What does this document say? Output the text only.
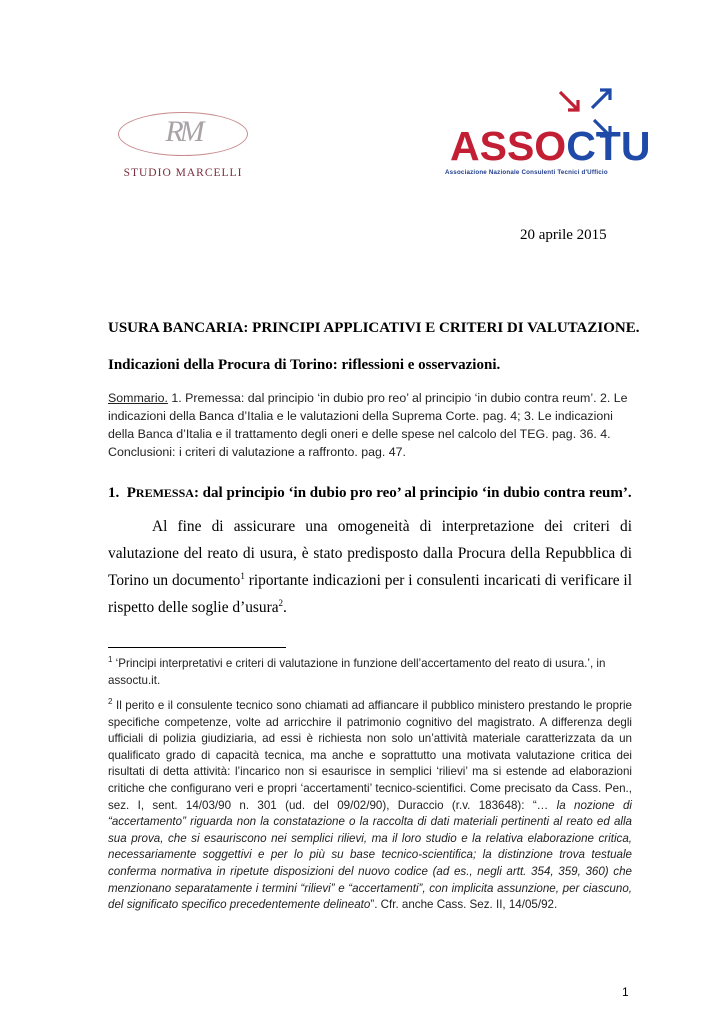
RM
STUDIO MARCELLI
ASSOCTU
Associazione Nazionale Consulenti Tecnici d'Ufficio
20 aprile 2015
USURA BANCARIA: PRINCIPI APPLICATIVI E CRITERI DI VALUTAZIONE.
Indicazioni della Procura di Torino: riflessioni e osservazioni.
Sommario. 1. Premessa: dal principio ‘in dubio pro reo’ al principio ‘in dubio contra reum’. 2. Le indicazioni della Banca d’Italia e le valutazioni della Suprema Corte. pag. 4; 3. Le indicazioni della Banca d’Italia e il trattamento degli oneri e delle spese nel calcolo del TEG. pag. 36. 4. Conclusioni: i criteri di valutazione a raffronto. pag. 47.
1. PREMESSA: dal principio ‘in dubio pro reo’ al principio ‘in dubio contra reum’.
Al fine di assicurare una omogeneità di interpretazione dei criteri di valutazione del reato di usura, è stato predisposto dalla Procura della Repubblica di Torino un documento$^1$ riportante indicazioni per i consulenti incaricati di verificare il rispetto delle soglie d’usura$^2$.
$^1$ ‘Principi interpretativi e criteri di valutazione in funzione dell’accertamento del reato di usura.’, in assoctu.it.
$^2$ Il perito e il consulente tecnico sono chiamati ad affiancare il pubblico ministero prestando le proprie specifiche competenze, volte ad arricchire il patrimonio cognitivo del magistrato. A differenza degli ufficiali di polizia giudiziaria, ad essi è richiesta non solo un’attività materiale caratterizzata da un qualificato grado di capacità tecnica, ma anche e soprattutto una motivata valutazione critica dei risultati di detta attività: l’incarico non si esaurisce in semplici ‘rilievi’ ma si estende ad elaborazioni critiche che configurano veri e propri ‘accertamenti’ tecnico-scientifici. Come precisato da Cass. Pen., sez. I, sent. 14/03/90 n. 301 (ud. del 09/02/90), Duraccio (r.v. 183648): “… la nozione di “accertamento” riguarda non la constatazione o la raccolta di dati materiali pertinenti al reato ed alla sua prova, che si esauriscono nei semplici rilievi, ma il loro studio e la relativa elaborazione critica, necessariamente soggettivi e per lo più su base tecnico-scientifica; la distinzione trova testuale conferma normativa in ripetute disposizioni del nuovo codice (ad es., negli artt. 354, 359, 360) che menzionano separatamente i termini “rilievi” e “accertamenti”, con implicita assunzione, per ciascuno, del significato specifico precedentemente delineato”. Cfr. anche Cass. Sez. II, 14/05/92.
1
